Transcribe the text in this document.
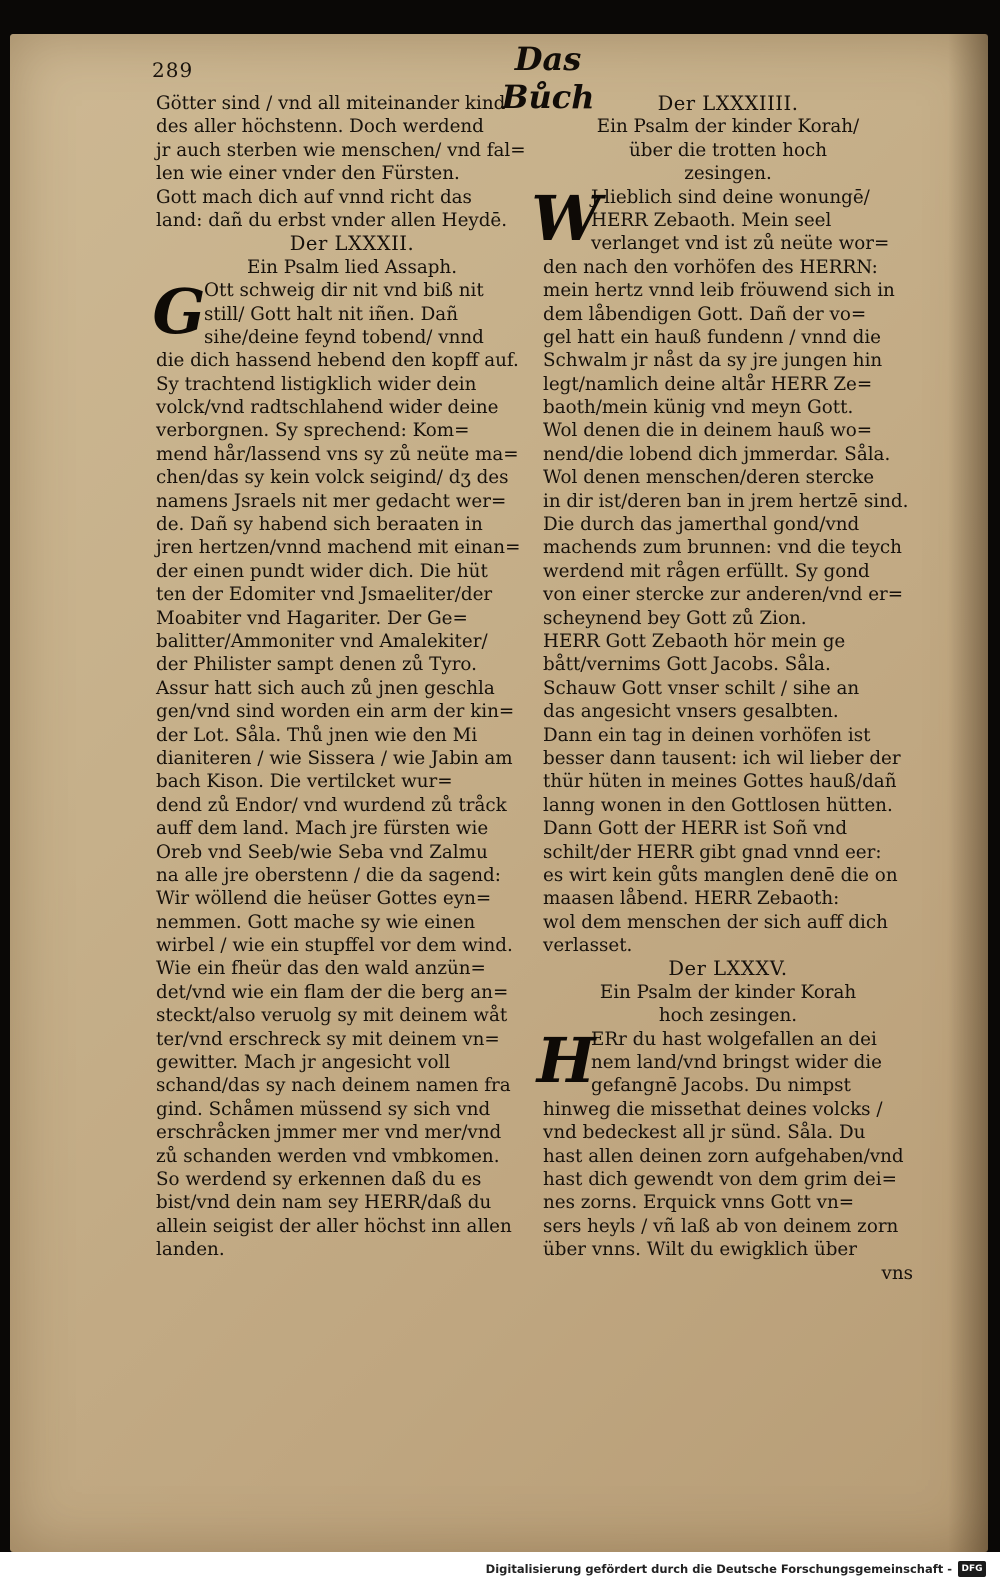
289	Das Bůch
Götter sind / vnd all miteinander kind
des aller höchstenn. Doch werdend
jr auch sterben wie menschen/ vnd fal=
len wie einer vnder den Fürsten.
Gott mach dich auf vnnd richt das
land: dañ du erbst vnder allen Heydē.
Der LXXXII.
Ein Psalm lied Assaph.
G
Ott schweig dir nit vnd biß nit
still/ Gott halt nit iñen. Dañ
sihe/deine feynd tobend/ vnnd
die dich hassend hebend den kopff auf.
Sy trachtend listigklich wider dein
volck/vnd radtschlahend wider deine
verborgnen. Sy sprechend: Kom=
mend hår/lassend vns sy zů neüte ma=
chen/das sy kein volck seigind/ dʒ des
namens Jsraels nit mer gedacht wer=
de. Dañ sy habend sich beraaten in
jren hertzen/vnnd machend mit einan=
der einen pundt wider dich. Die hüt
ten der Edomiter vnd Jsmaeliter/der
Moabiter vnd Hagariter. Der Ge=
balitter/Ammoniter vnd Amalekiter/
der Philister sampt denen zů Tyro.
Assur hatt sich auch zů jnen geschla
gen/vnd sind worden ein arm der kin=
der Lot. Såla. Thů jnen wie den Mi
dianiteren / wie Sissera / wie Jabin am
bach Kison. Die vertilcket wur=
dend zů Endor/ vnd wurdend zů tråck
auff dem land. Mach jre fürsten wie
Oreb vnd Seeb/wie Seba vnd Zalmu
na alle jre oberstenn / die da sagend:
Wir wöllend die heüser Gottes eyn=
nemmen. Gott mache sy wie einen
wirbel / wie ein stupffel vor dem wind.
Wie ein fheür das den wald anzün=
det/vnd wie ein flam der die berg an=
steckt/also veruolg sy mit deinem wåt
ter/vnd erschreck sy mit deinem vn=
gewitter. Mach jr angesicht voll
schand/das sy nach deinem namen fra
gind. Schåmen müssend sy sich vnd
erschråcken jmmer mer vnd mer/vnd
zů schanden werden vnd vmbkomen.
So werdend sy erkennen daß du es
bist/vnd dein nam sey HERR/daß du
allein seigist der aller höchst inn allen
landen.
Der LXXXIIII.
Ein Psalm der kinder Korah/
über die trotten hoch
zesingen.
W
J lieblich sind deine wonungē/
HERR Zebaoth. Mein seel
verlanget vnd ist zů neüte wor=
den nach den vorhöfen des HERRN:
mein hertz vnnd leib fröuwend sich in
dem låbendigen Gott. Dañ der vo=
gel hatt ein hauß fundenn / vnnd die
Schwalm jr nåst da sy jre jungen hin
legt/namlich deine altår HERR Ze=
baoth/mein künig vnd meyn Gott.
Wol denen die in deinem hauß wo=
nend/die lobend dich jmmerdar. Såla.
Wol denen menschen/deren stercke
in dir ist/deren ban in jrem hertzē sind.
Die durch das jamerthal gond/vnd
machends zum brunnen: vnd die teych
werdend mit rågen erfüllt. Sy gond
von einer stercke zur anderen/vnd er=
scheynend bey Gott zů Zion.
HERR Gott Zebaoth hör mein ge
bått/vernims Gott Jacobs. Såla.
Schauw Gott vnser schilt / sihe an
das angesicht vnsers gesalbten.
Dann ein tag in deinen vorhöfen ist
besser dann tausent: ich wil lieber der
thür hüten in meines Gottes hauß/dañ
lanng wonen in den Gottlosen hütten.
Dann Gott der HERR ist Soñ vnd
schilt/der HERR gibt gnad vnnd eer:
es wirt kein gůts manglen denē die on
maasen låbend. HERR Zebaoth:
wol dem menschen der sich auff dich
verlasset.
Der LXXXV.
Ein Psalm der kinder Korah
hoch zesingen.
H
ERr du hast wolgefallen an dei
nem land/vnd bringst wider die
gefangnē Jacobs. Du nimpst
hinweg die missethat deines volcks /
vnd bedeckest all jr sünd. Såla. Du
hast allen deinen zorn aufgehaben/vnd
hast dich gewendt von dem grim dei=
nes zorns. Erquick vnns Gott vn=
sers heyls / vñ laß ab von deinem zorn
über vnns. Wilt du ewigklich über
vns
Digitalisierung gefördert durch die Deutsche Forschungsgemeinschaft -	DFG
